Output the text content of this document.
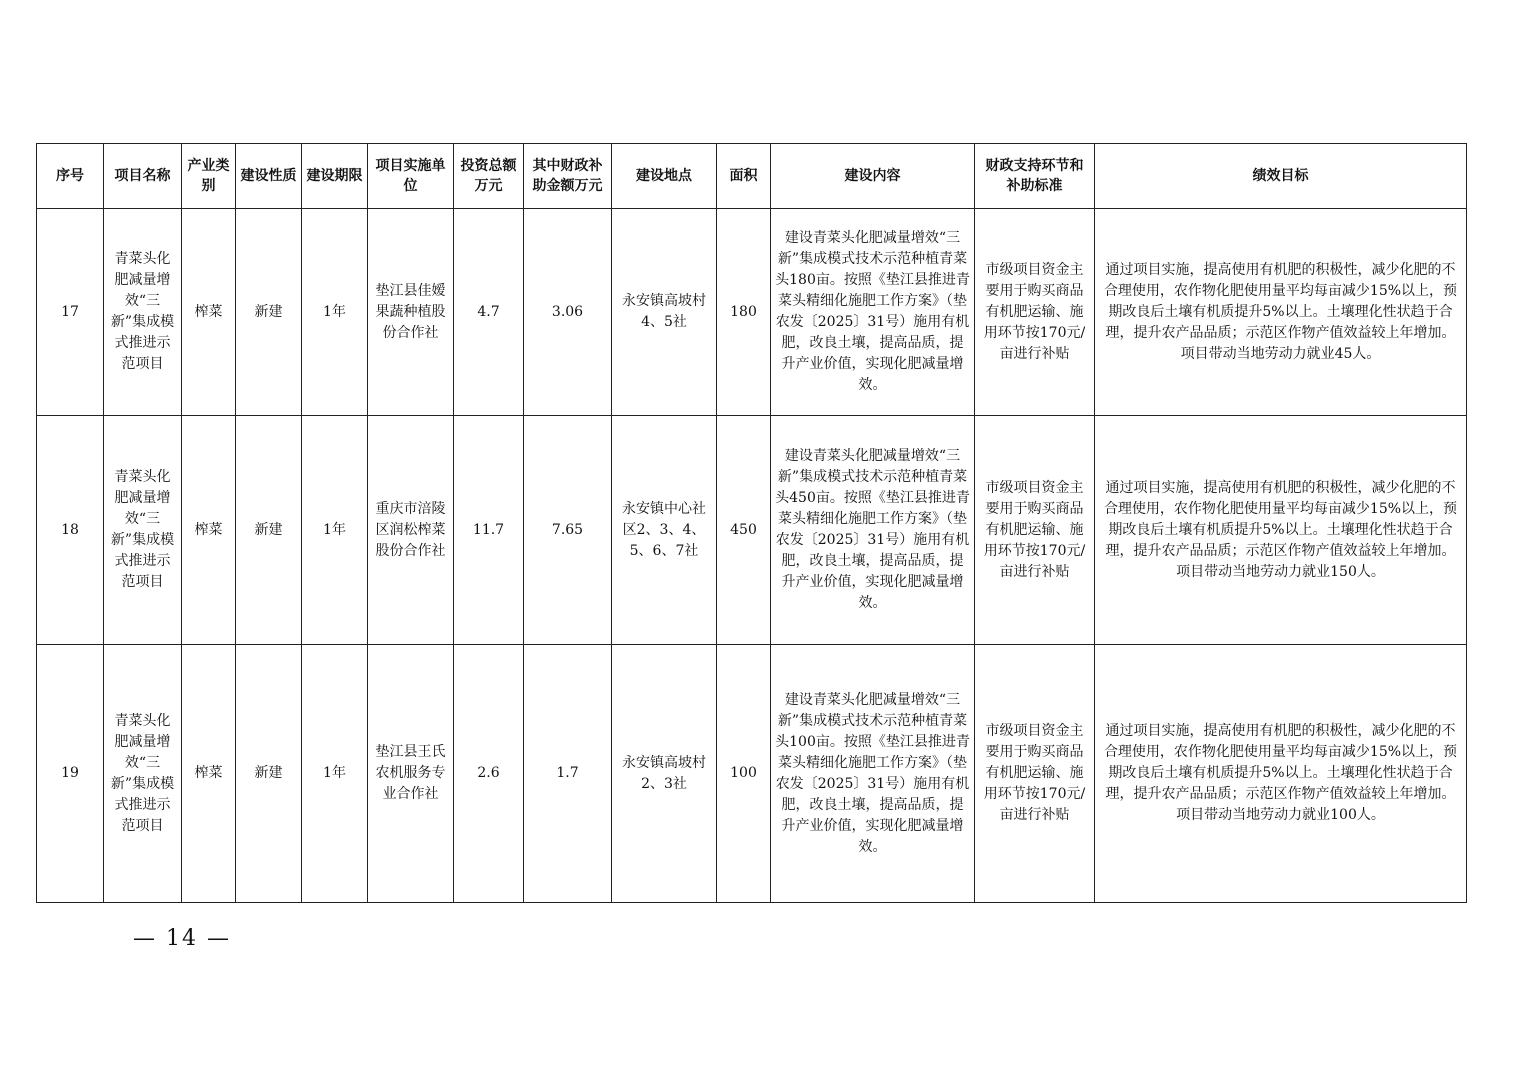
序号	项目名称	产业类别	建设性质	建设期限	项目实施单位	投资总额万元	其中财政补助金额万元	建设地点	面积	建设内容	财政支持环节和补助标准	绩效目标
17	青菜头化肥减量增效“三新”集成模式推进示范项目	榨菜	新建	1年	垫江县佳嫒果蔬种植股份合作社	4.7	3.06	永安镇高坡村4、5社	180	建设青菜头化肥减量增效“三新”集成模式技术示范种植青菜头180亩。按照《垫江县推进青菜头精细化施肥工作方案》（垫农发〔2025〕31号）施用有机肥，改良土壤，提高品质，提升产业价值，实现化肥减量增效。	市级项目资金主要用于购买商品有机肥运输、施用环节按170元/亩进行补贴	通过项目实施，提高使用有机肥的积极性，减少化肥的不合理使用，农作物化肥使用量平均每亩减少15%以上，预期改良后土壤有机质提升5%以上。土壤理化性状趋于合理，提升农产品品质；示范区作物产值效益较上年增加。项目带动当地劳动力就业45人。
18	青菜头化肥减量增效“三新”集成模式推进示范项目	榨菜	新建	1年	重庆市涪陵区润松榨菜股份合作社	11.7	7.65	永安镇中心社区2、3、4、5、6、7社	450	建设青菜头化肥减量增效“三新”集成模式技术示范种植青菜头450亩。按照《垫江县推进青菜头精细化施肥工作方案》（垫农发〔2025〕31号）施用有机肥，改良土壤，提高品质，提升产业价值，实现化肥减量增效。	市级项目资金主要用于购买商品有机肥运输、施用环节按170元/亩进行补贴	通过项目实施，提高使用有机肥的积极性，减少化肥的不合理使用，农作物化肥使用量平均每亩减少15%以上，预期改良后土壤有机质提升5%以上。土壤理化性状趋于合理，提升农产品品质；示范区作物产值效益较上年增加。项目带动当地劳动力就业150人。
19	青菜头化肥减量增效“三新”集成模式推进示范项目	榨菜	新建	1年	垫江县王氏农机服务专业合作社	2.6	1.7	永安镇高坡村2、3社	100	建设青菜头化肥减量增效“三新”集成模式技术示范种植青菜头100亩。按照《垫江县推进青菜头精细化施肥工作方案》（垫农发〔2025〕31号）施用有机肥，改良土壤，提高品质，提升产业价值，实现化肥减量增效。	市级项目资金主要用于购买商品有机肥运输、施用环节按170元/亩进行补贴	通过项目实施，提高使用有机肥的积极性，减少化肥的不合理使用，农作物化肥使用量平均每亩减少15%以上，预期改良后土壤有机质提升5%以上。土壤理化性状趋于合理，提升农产品品质；示范区作物产值效益较上年增加。项目带动当地劳动力就业100人。
— 14 —
